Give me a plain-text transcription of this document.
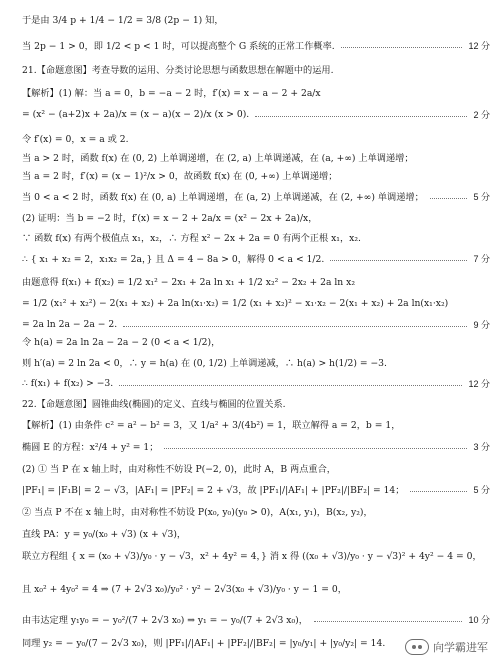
于是由 3/4 p + 1/4 − 1/2 = 3/8 (2p − 1) 知，
当 2p − 1 > 0，即 1/2 < p < 1 时，可以提高整个 G 系统的正常工作概率.	12 分
21.【命题意图】考查导数的运用、分类讨论思想与函数思想在解题中的运用.
【解析】(1) 解：当 a = 0，b = −a − 2 时，f′(x) = x − a − 2 + 2a/x
= (x² − (a+2)x + 2a)/x = (x − a)(x − 2)/x (x > 0).	2 分
令 f′(x) = 0，x = a 或 2.
当 a > 2 时，函数 f(x) 在 (0, 2) 上单调递增，在 (2, a) 上单调递减，在 (a, +∞) 上单调递增；
当 a = 2 时，f′(x) = (x − 1)²/x > 0，故函数 f(x) 在 (0, +∞) 上单调递增；
当 0 < a < 2 时，函数 f(x) 在 (0, a) 上单调递增，在 (a, 2) 上单调递减，在 (2, +∞) 单调递增；	5 分
(2) 证明：当 b = −2 时，f′(x) = x − 2 + 2a/x = (x² − 2x + 2a)/x，
∵ 函数 f(x) 有两个极值点 x₁，x₂，∴ 方程 x² − 2x + 2a = 0 有两个正根 x₁，x₂.
∴ { x₁ + x₂ = 2，x₁x₂ = 2a，} 且 Δ = 4 − 8a > 0，解得 0 < a < 1/2.	7 分
由题意得 f(x₁) + f(x₂) = 1/2 x₁² − 2x₁ + 2a ln x₁ + 1/2 x₂² − 2x₂ + 2a ln x₂
= 1/2 (x₁² + x₂²) − 2(x₁ + x₂) + 2a ln(x₁·x₂) = 1/2 (x₁ + x₂)² − x₁·x₂ − 2(x₁ + x₂) + 2a ln(x₁·x₂)
= 2a ln 2a − 2a − 2.	9 分
令 h(a) = 2a ln 2a − 2a − 2 (0 < a < 1/2)，
则 h′(a) = 2 ln 2a < 0，∴ y = h(a) 在 (0, 1/2) 上单调递减，∴ h(a) > h(1/2) = −3.
∴ f(x₁) + f(x₂) > −3.	12 分
22.【命题意图】圆锥曲线(椭圆)的定义、直线与椭圆的位置关系.
【解析】(1) 由条件 c² = a² − b² = 3，又 1/a² + 3/(4b²) = 1，联立解得 a = 2，b = 1，
椭圆 E 的方程：x²/4 + y² = 1；	3 分
(2) ① 当 P 在 x 轴上时，由对称性不妨设 P(−2, 0)，此时 A，B 两点重合，
|PF₁| = |F₁B| = 2 − √3，|AF₁| = |PF₂| = 2 + √3，故 |PF₁|/|AF₁| + |PF₂|/|BF₂| = 14；	5 分
② 当点 P 不在 x 轴上时，由对称性不妨设 P(x₀, y₀)(y₀ > 0)，A(x₁, y₁)，B(x₂, y₂)，
直线 PA：y = y₀/(x₀ + √3) (x + √3)，
联立方程组 { x = (x₀ + √3)/y₀ · y − √3，x² + 4y² = 4，} 消 x 得 ((x₀ + √3)/y₀ · y − √3)² + 4y² − 4 = 0，
且 x₀² + 4y₀² = 4 ⇒ (7 + 2√3 x₀)/y₀² · y² − 2√3(x₀ + √3)/y₀ · y − 1 = 0，
由韦达定理 y₁y₀ = − y₀²/(7 + 2√3 x₀) ⇒ y₁ = − y₀/(7 + 2√3 x₀)，	10 分
同理 y₂ = − y₀/(7 − 2√3 x₀)，则 |PF₁|/|AF₁| + |PF₂|/|BF₂| = |y₀/y₁| + |y₀/y₂| = 14.	向学霸进军
